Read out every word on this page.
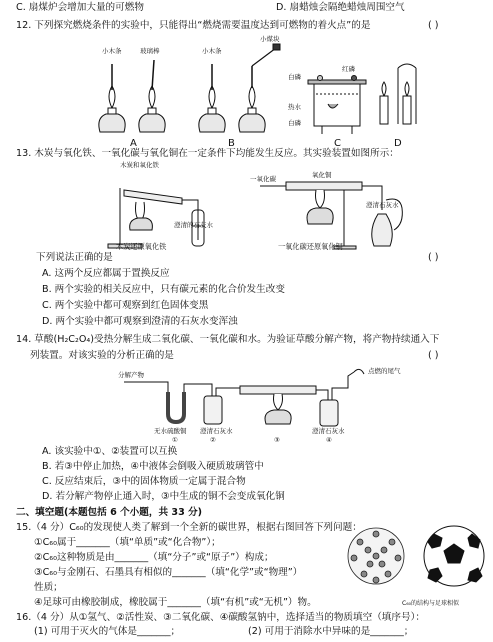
C. 扇煤炉会增加大量的可燃物	D. 扇蜡烛会隔绝蜡烛周围空气
12. 下列探究燃烧条件的实验中，只能得出“燃烧需要温度达到可燃物的着火点”的是	( )
小木条	玻璃棒	小木条
小煤块
白磷
红磷
热水
白磷
A	B	C	D
13. 木炭与氧化铁、一氧化碳与氧化铜在一定条件下均能发生反应。其实验装置如图所示：
木炭和氧化铁
澄清的石灰水
一氧化碳	氧化铜
澄清石灰水
木炭还原氧化铁	一氧化碳还原氧化铜
下列说法正确的是	( )
A. 这两个反应都属于置换反应
B. 两个实验的相关反应中，只有碳元素的化合价发生改变
C. 两个实验中都可观察到红色固体变黑
D. 两个实验中都可观察到澄清的石灰水变浑浊
14. 草酸(H₂C₂O₄)受热分解生成二氧化碳、一氧化碳和水。为验证草酸分解产物，将产物持续通入下
列装置。对该实验的分析正确的是	( )
分解产物	点燃的尾气
无水硫酸铜 澄清石灰水	澄清石灰水
①	②	③	④
A. 该实验中①、②装置可以互换
B. 若③中停止加热，④中液体会倒吸入硬质玻璃管中
C. 反应结束后，③中的固体物质一定属于混合物
D. 若分解产物停止通入时，③中生成的铜不会变成氧化铜
二、填空题(本题包括 6 个小题，共 33 分)
15.（4 分）C₆₀的发现使人类了解到一个全新的碳世界，根据右图回答下列问题：
①C₆₀属于_______（填“单质”或“化合物”）；
②C₆₀这种物质是由_______（填“分子”或“原子”）构成；
③C₆₀与金刚石、石墨具有相似的_______（填“化学”或“物理”）
性质；
④足球可由橡胶制成，橡胶属于_______（填“有机”或“无机”）物。	C₆₀的结构与足球相似
16.（4 分）从①氢气、②活性炭、③二氧化碳、④碳酸氢钠中，选择适当的物质填空（填序号）：
(1) 可用于灭火的气体是_______；	(2) 可用于消除水中异味的是_______；
